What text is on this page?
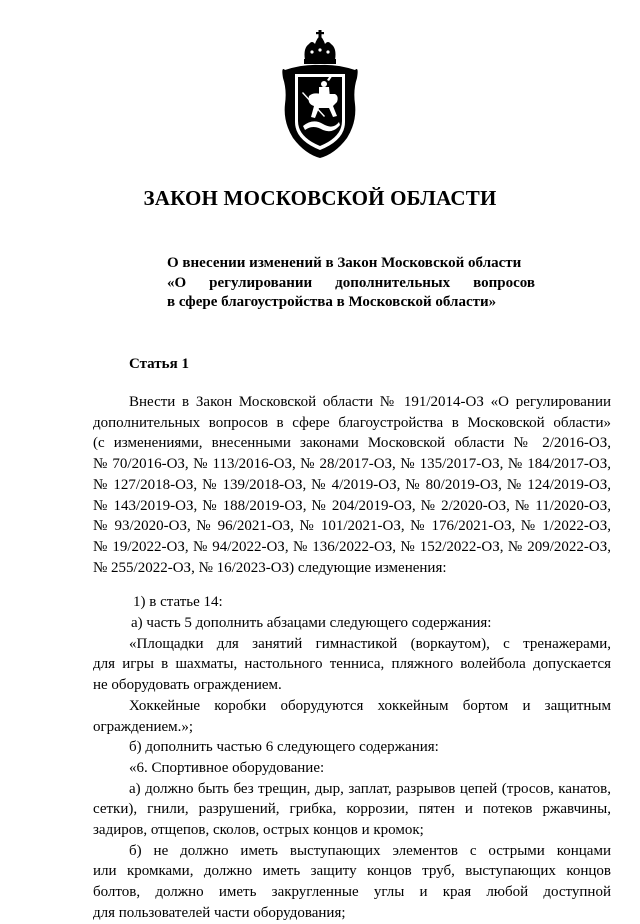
ЗАКОН МОСКОВСКОЙ ОБЛАСТИ
О внесении изменений в Закон Московской области
«О регулировании дополнительных вопросов
в сфере благоустройства в Московской области»
Статья 1
Внести в Закон Московской области № 191/2014-ОЗ «О регулировании
дополнительных вопросов в сфере благоустройства в Московской области»
(с изменениями, внесенными законами Московской области № 2/2016-ОЗ,
№ 70/2016-ОЗ, № 113/2016-ОЗ, № 28/2017-ОЗ, № 135/2017-ОЗ, № 184/2017-ОЗ,
№ 127/2018-ОЗ, № 139/2018-ОЗ, № 4/2019-ОЗ, № 80/2019-ОЗ, № 124/2019-ОЗ,
№ 143/2019-ОЗ, № 188/2019-ОЗ, № 204/2019-ОЗ, № 2/2020-ОЗ, № 11/2020-ОЗ,
№ 93/2020-ОЗ, № 96/2021-ОЗ, № 101/2021-ОЗ, № 176/2021-ОЗ, № 1/2022-ОЗ,
№ 19/2022-ОЗ, № 94/2022-ОЗ, № 136/2022-ОЗ, № 152/2022-ОЗ, № 209/2022-ОЗ,
№ 255/2022-ОЗ, № 16/2023-ОЗ) следующие изменения:
1) в статье 14:
а) часть 5 дополнить абзацами следующего содержания:
«Площадки для занятий гимнастикой (воркаутом), с тренажерами,
для игры в шахматы, настольного тенниса, пляжного волейбола допускается
не оборудовать ограждением.
Хоккейные коробки оборудуются хоккейным бортом и защитным
ограждением.»;
б) дополнить частью 6 следующего содержания:
«6. Спортивное оборудование:
а) должно быть без трещин, дыр, заплат, разрывов цепей (тросов, канатов,
сетки), гнили, разрушений, грибка, коррозии, пятен и потеков ржавчины,
задиров, отщепов, сколов, острых концов и кромок;
б) не должно иметь выступающих элементов с острыми концами
или кромками, должно иметь защиту концов труб, выступающих концов
болтов, должно иметь закругленные углы и края любой доступной
для пользователей части оборудования;
